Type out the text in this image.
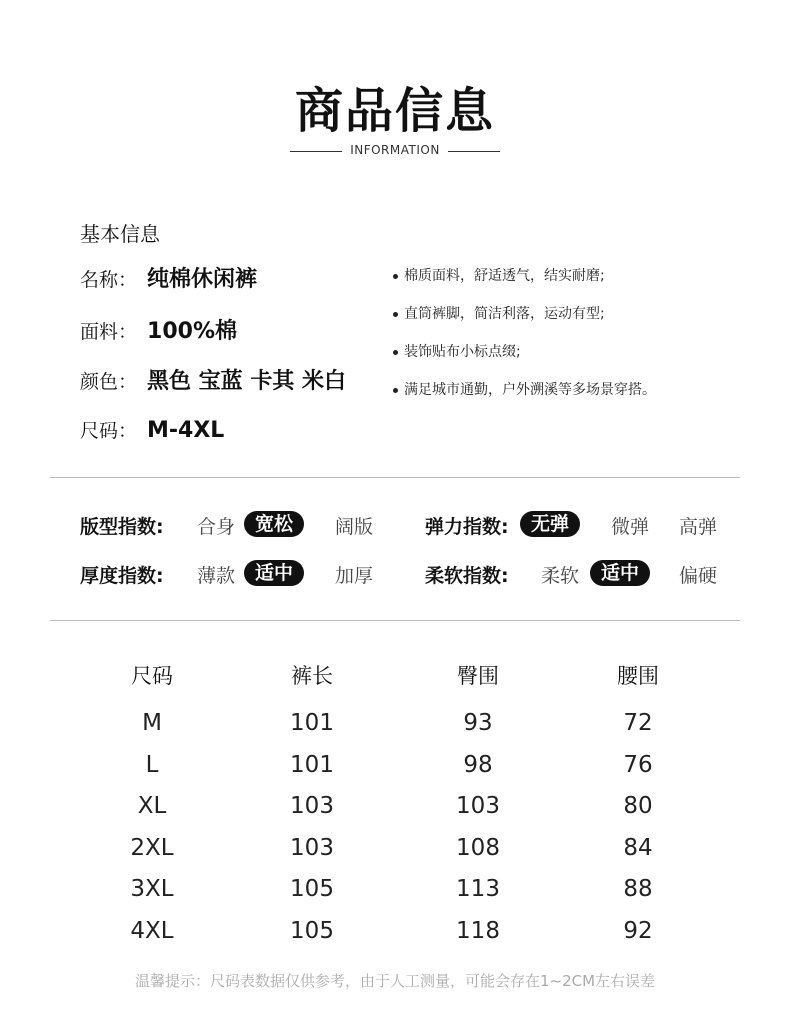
商品信息
INFORMATION
基本信息
名称： 纯棉休闲裤
面料： 100%棉
颜色： 黑色 宝蓝 卡其 米白
尺码： M-4XL
棉质面料，舒适透气，结实耐磨;
直筒裤脚，简洁利落，运动有型;
装饰贴布小标点缀;
满足城市通勤，户外溯溪等多场景穿搭。
版型指数:	合身	宽松	阔版	弹力指数:	无弹	微弹	高弹
厚度指数:	薄款	适中	加厚	柔软指数:	柔软	适中	偏硬
尺码	裤长	臀围	腰围
M	101	93	72
L	101	98	76
XL	103	103	80
2XL	103	108	84
3XL	105	113	88
4XL	105	118	92
温馨提示：尺码表数据仅供参考，由于人工测量，可能会存在1~2CM左右误差
